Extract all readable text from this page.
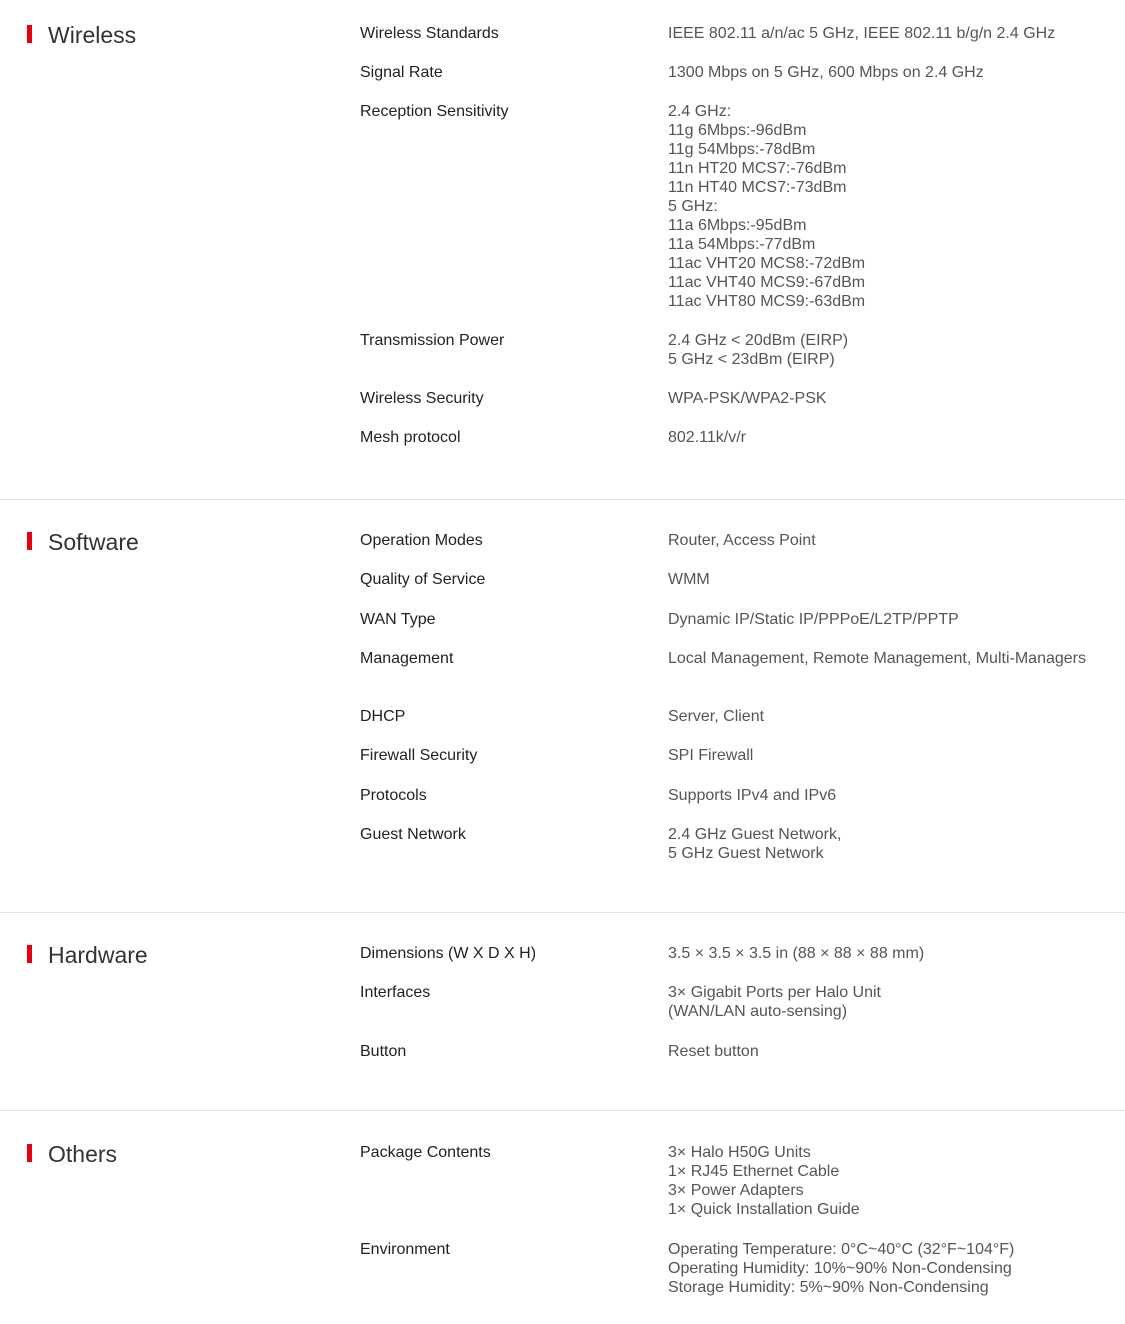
Wireless	Wireless Standards	IEEE 802.11 a/n/ac 5 GHz, IEEE 802.11 b/g/n 2.4 GHz
Signal Rate	1300 Mbps on 5 GHz, 600 Mbps on 2.4 GHz
Reception Sensitivity	2.4 GHz:
11g 6Mbps:-96dBm
11g 54Mbps:-78dBm
11n HT20 MCS7:-76dBm
11n HT40 MCS7:-73dBm
5 GHz:
11a 6Mbps:-95dBm
11a 54Mbps:-77dBm
11ac VHT20 MCS8:-72dBm
11ac VHT40 MCS9:-67dBm
11ac VHT80 MCS9:-63dBm
Transmission Power	2.4 GHz < 20dBm (EIRP)
5 GHz < 23dBm (EIRP)
Wireless Security	WPA-PSK/WPA2-PSK
Mesh protocol	802.11k/v/r
Software	Operation Modes	Router, Access Point
Quality of Service	WMM
WAN Type	Dynamic IP/Static IP/PPPoE/L2TP/PPTP
Management	Local Management, Remote Management, Multi-Managers
DHCP	Server, Client
Firewall Security	SPI Firewall
Protocols	Supports IPv4 and IPv6
Guest Network	2.4 GHz Guest Network,
5 GHz Guest Network
Hardware	Dimensions (W X D X H)	3.5 × 3.5 × 3.5 in (88 × 88 × 88 mm)
Interfaces	3× Gigabit Ports per Halo Unit
(WAN/LAN auto-sensing)
Button	Reset button
Others	Package Contents	3× Halo H50G Units
1× RJ45 Ethernet Cable
3× Power Adapters
1× Quick Installation Guide
Environment	Operating Temperature: 0°C~40°C (32°F~104°F)
Operating Humidity: 10%~90% Non-Condensing
Storage Humidity: 5%~90% Non-Condensing
